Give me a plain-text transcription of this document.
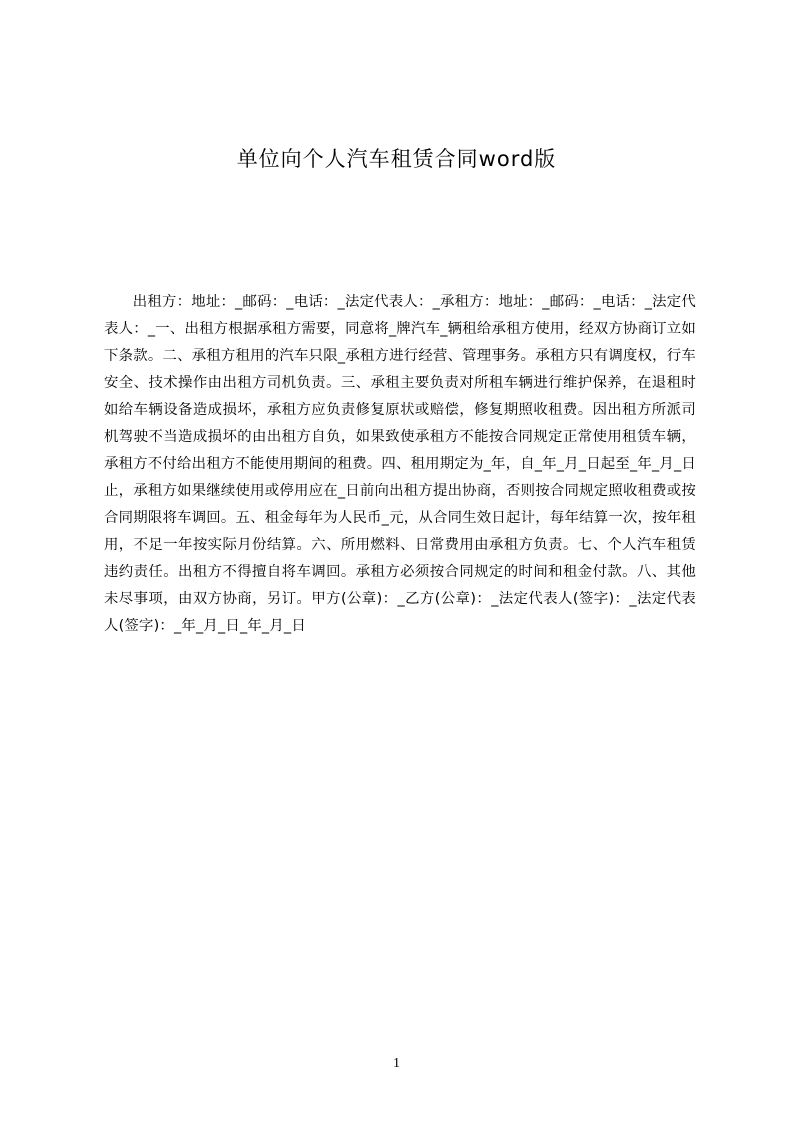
单位向个人汽车租赁合同word版

出租方：地址：_邮码：_电话：_法定代表人：_承租方：地址：_邮码：_电话：_法定代表人：_一、出租方根据承租方需要，同意将_牌汽车_辆租给承租方使用，经双方协商订立如下条款。二、承租方租用的汽车只限_承租方进行经营、管理事务。承租方只有调度权，行车安全、技术操作由出租方司机负责。三、承租主要负责对所租车辆进行维护保养，在退租时如给车辆设备造成损坏，承租方应负责修复原状或赔偿，修复期照收租费。因出租方所派司机驾驶不当造成损坏的由出租方自负，如果致使承租方不能按合同规定正常使用租赁车辆，承租方不付给出租方不能使用期间的租费。四、租用期定为_年，自_年_月_日起至_年_月_日止，承租方如果继续使用或停用应在_日前向出租方提出协商，否则按合同规定照收租费或按合同期限将车调回。五、租金每年为人民币_元，从合同生效日起计，每年结算一次，按年租用，不足一年按实际月份结算。六、所用燃料、日常费用由承租方负责。七、个人汽车租赁违约责任。出租方不得擅自将车调回。承租方必须按合同规定的时间和租金付款。八、其他未尽事项，由双方协商，另订。甲方(公章)：_乙方(公章)：_法定代表人(签字)：_法定代表人(签字)：_年_月_日_年_月_日

1
